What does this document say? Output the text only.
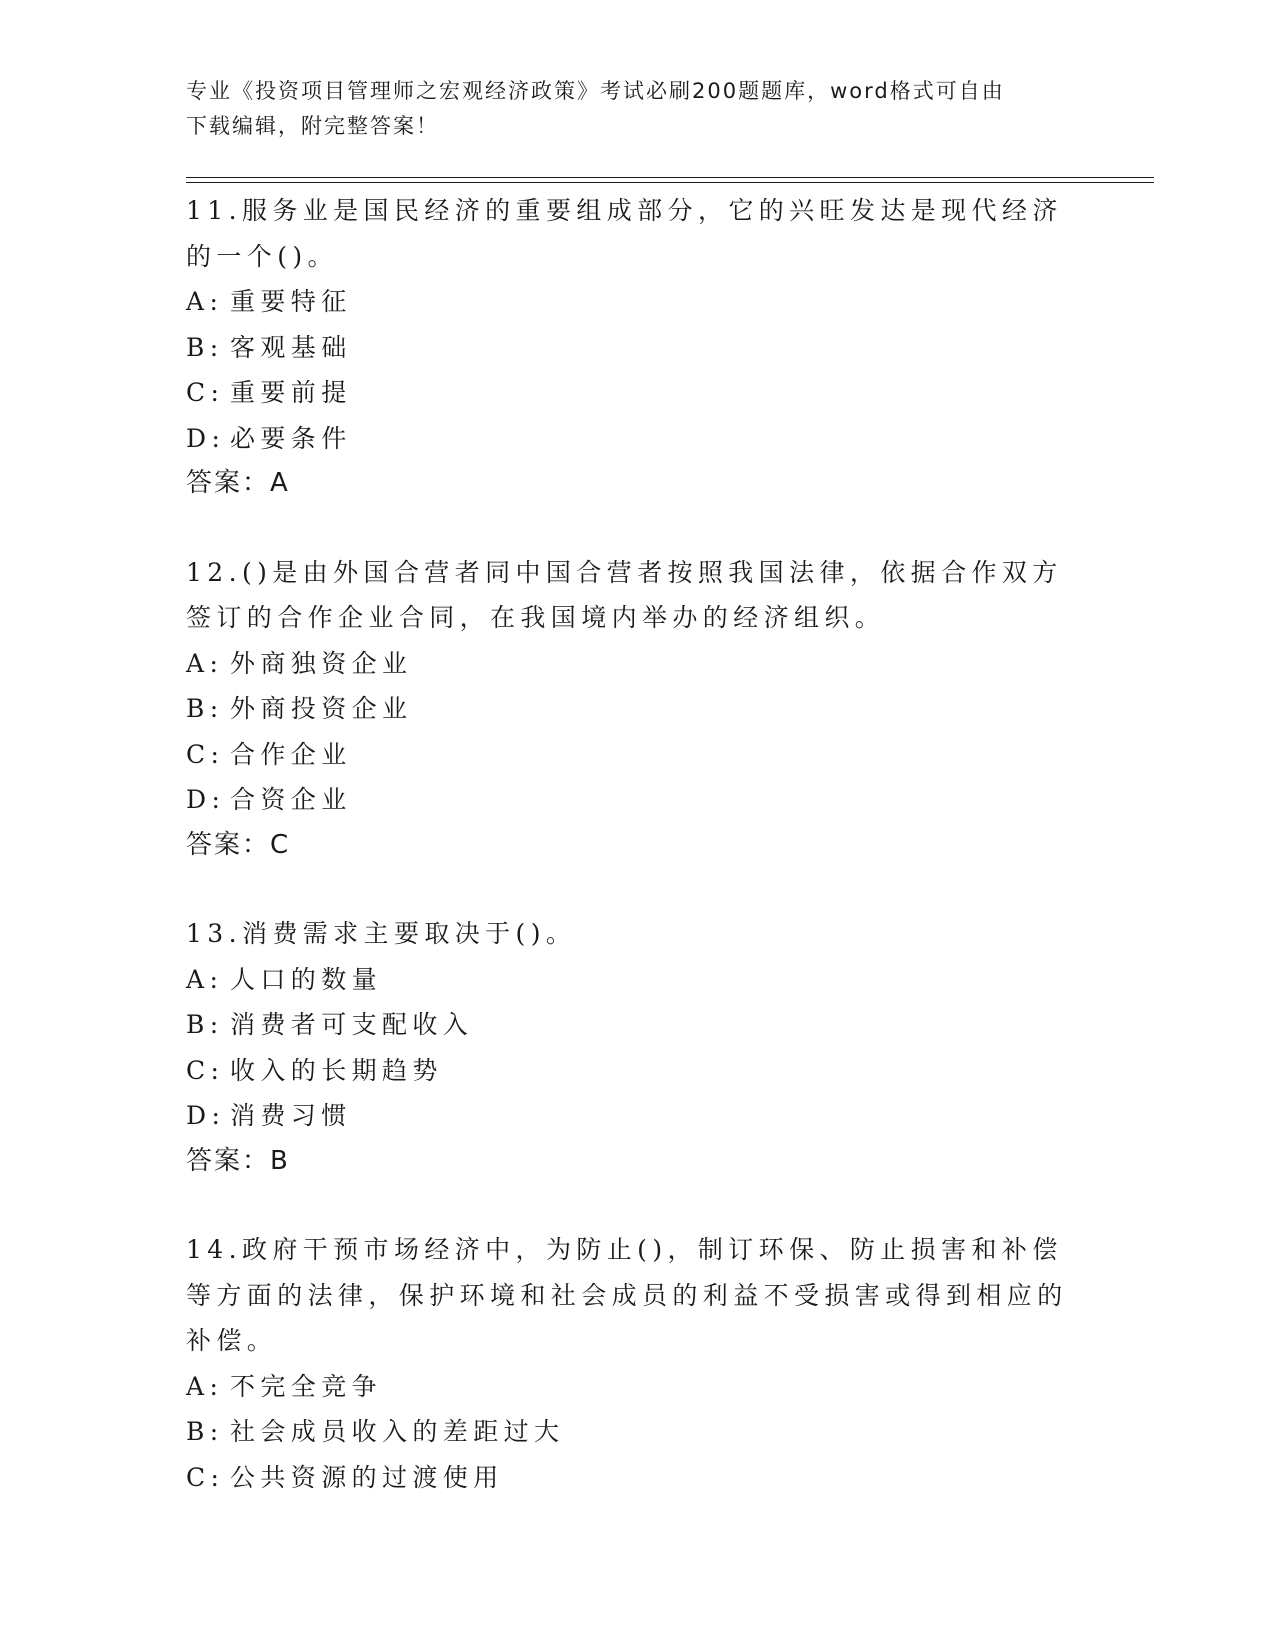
专业《投资项目管理师之宏观经济政策》考试必刷200题题库，word格式可自由
下载编辑，附完整答案！

11.服务业是国民经济的重要组成部分，它的兴旺发达是现代经济的一个()。

A: 重要特征

B: 客观基础

C: 重要前提

D: 必要条件

答案：A

12.()是由外国合营者同中国合营者按照我国法律，依据合作双方签订的合作企业合同，在我国境内举办的经济组织。

A: 外商独资企业

B: 外商投资企业

C: 合作企业

D: 合资企业

答案：C

13.消费需求主要取决于()。

A: 人口的数量

B: 消费者可支配收入

C: 收入的长期趋势

D: 消费习惯

答案：B

14.政府干预市场经济中，为防止()，制订环保、防止损害和补偿等方面的法律，保护环境和社会成员的利益不受损害或得到相应的补偿。

A: 不完全竞争

B: 社会成员收入的差距过大

C: 公共资源的过渡使用
